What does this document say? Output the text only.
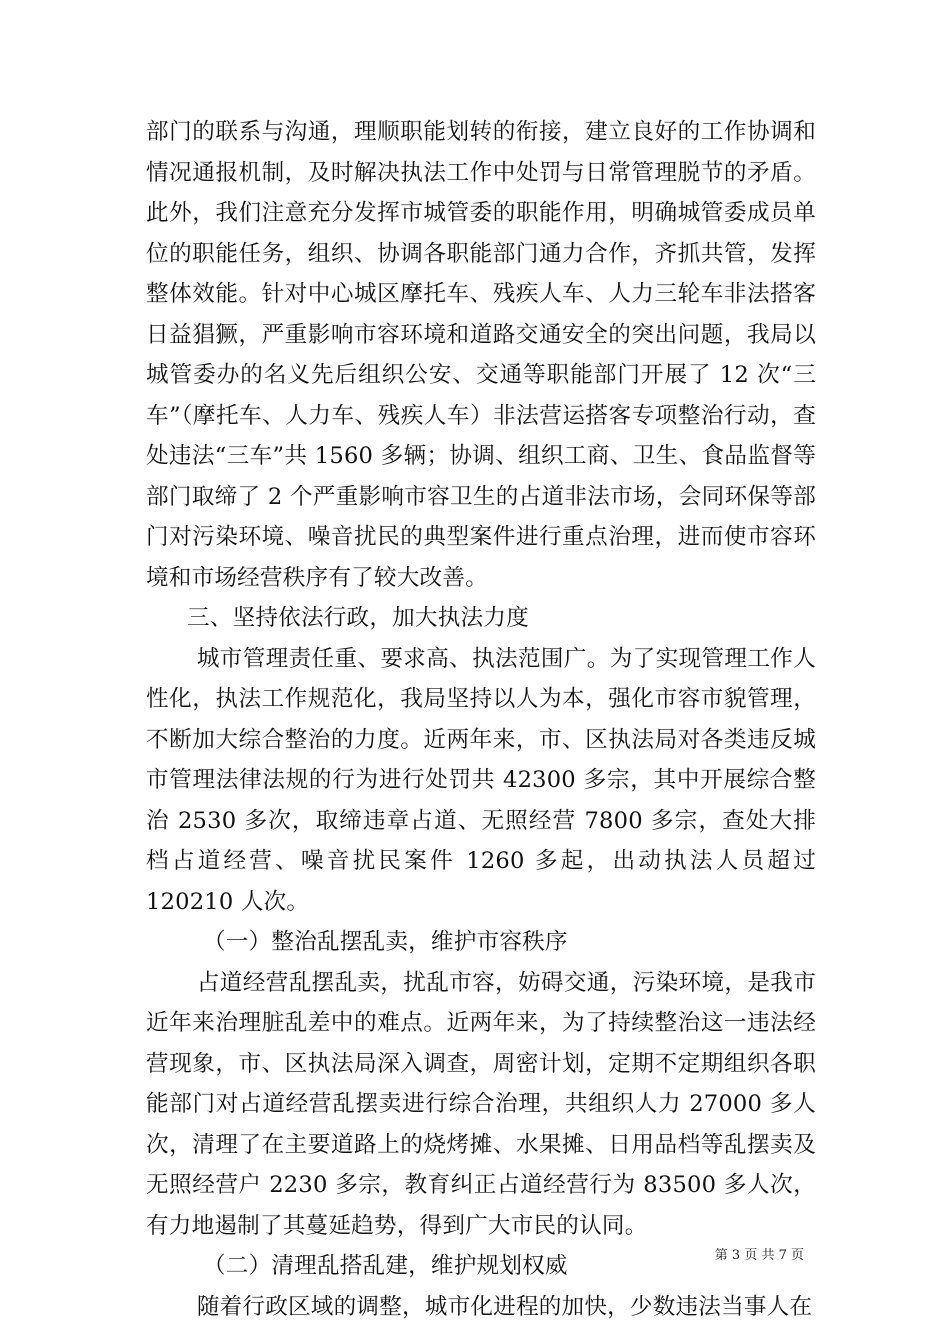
部门的联系与沟通，理顺职能划转的衔接，建立良好的工作协调和情况通报机制，及时解决执法工作中处罚与日常管理脱节的矛盾。此外，我们注意充分发挥市城管委的职能作用，明确城管委成员单位的职能任务，组织、协调各职能部门通力合作，齐抓共管，发挥整体效能。针对中心城区摩托车、残疾人车、人力三轮车非法搭客日益猖獗，严重影响市容环境和道路交通安全的突出问题，我局以城管委办的名义先后组织公安、交通等职能部门开展了 12 次“三车”（摩托车、人力车、残疾人车）非法营运搭客专项整治行动，查处违法“三车”共 1560 多辆；协调、组织工商、卫生、食品监督等部门取缔了 2 个严重影响市容卫生的占道非法市场，会同环保等部门对污染环境、噪音扰民的典型案件进行重点治理，进而使市容环境和市场经营秩序有了较大改善。

三、坚持依法行政，加大执法力度

城市管理责任重、要求高、执法范围广。为了实现管理工作人性化，执法工作规范化，我局坚持以人为本，强化市容市貌管理，不断加大综合整治的力度。近两年来，市、区执法局对各类违反城市管理法律法规的行为进行处罚共 42300 多宗，其中开展综合整治 2530 多次，取缔违章占道、无照经营 7800 多宗，查处大排档占道经营、噪音扰民案件 1260 多起，出动执法人员超过 120210 人次。

（一）整治乱摆乱卖，维护市容秩序

占道经营乱摆乱卖，扰乱市容，妨碍交通，污染环境，是我市近年来治理脏乱差中的难点。近两年来，为了持续整治这一违法经营现象，市、区执法局深入调查，周密计划，定期不定期组织各职能部门对占道经营乱摆卖进行综合治理，共组织人力 27000 多人次，清理了在主要道路上的烧烤摊、水果摊、日用品档等乱摆卖及无照经营户 2230 多宗，教育纠正占道经营行为 83500 多人次，有力地遏制了其蔓延趋势，得到广大市民的认同。

（二）清理乱搭乱建，维护规划权威

随着行政区域的调整，城市化进程的加快，少数违法当事人在

第 3 页 共 7 页
